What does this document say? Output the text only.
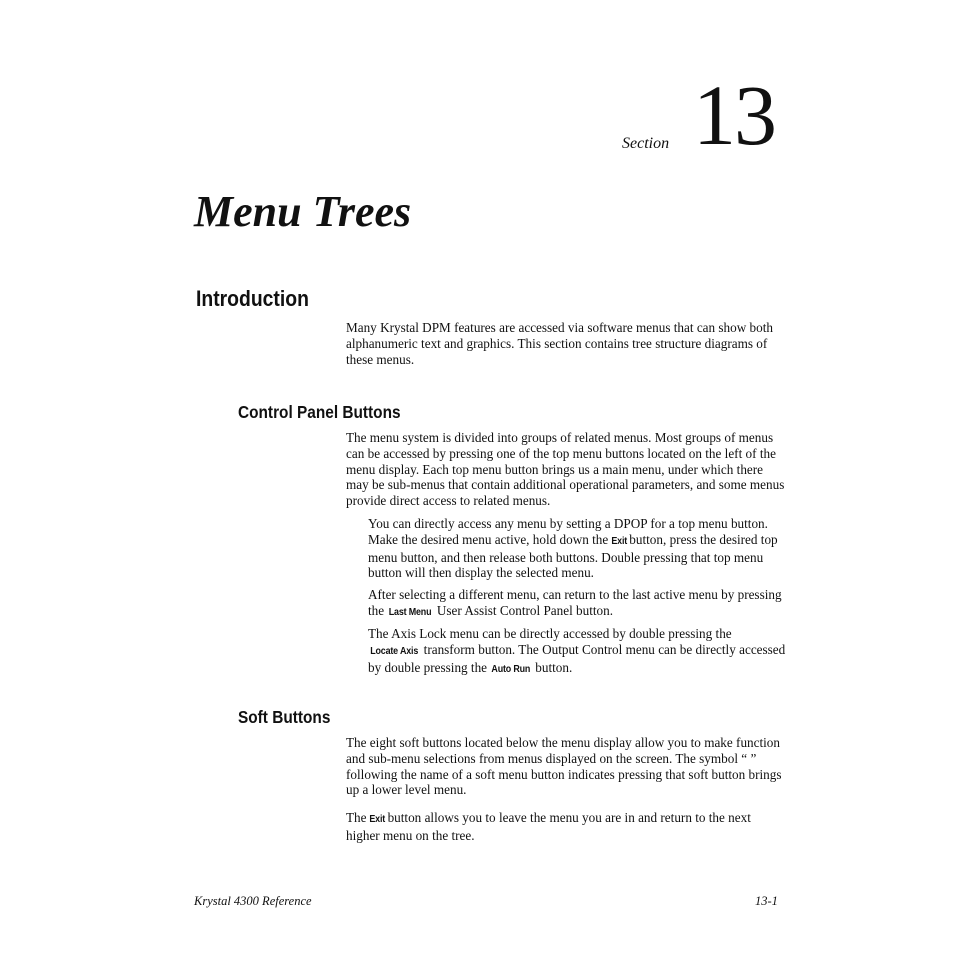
Section 13
Menu Trees
Introduction

Many Krystal DPM features are accessed via software menus that can show both alphanumeric text and graphics. This section contains tree structure diagrams of these menus.

Control Panel Buttons

The menu system is divided into groups of related menus. Most groups of menus can be accessed by pressing one of the top menu buttons located on the left of the menu display. Each top menu button brings us a main menu, under which there may be sub-menus that contain additional operational parameters, and some menus provide direct access to related menus.

You can directly access any menu by setting a DPOP for a top menu button. Make the desired menu active, hold down the Exit button, press the desired top menu button, and then release both buttons. Double pressing that top menu button will then display the selected menu.

After selecting a different menu, can return to the last active menu by pressing the Last Menu User Assist Control Panel button.

The Axis Lock menu can be directly accessed by double pressing the Locate Axis transform button. The Output Control menu can be directly accessed by double pressing the Auto Run button.

Soft Buttons

The eight soft buttons located below the menu display allow you to make function and sub-menu selections from menus displayed on the screen. The symbol “ ” following the name of a soft menu button indicates pressing that soft button brings up a lower level menu.

The Exit button allows you to leave the menu you are in and return to the next higher menu on the tree.

Krystal 4300 Reference	13-1
